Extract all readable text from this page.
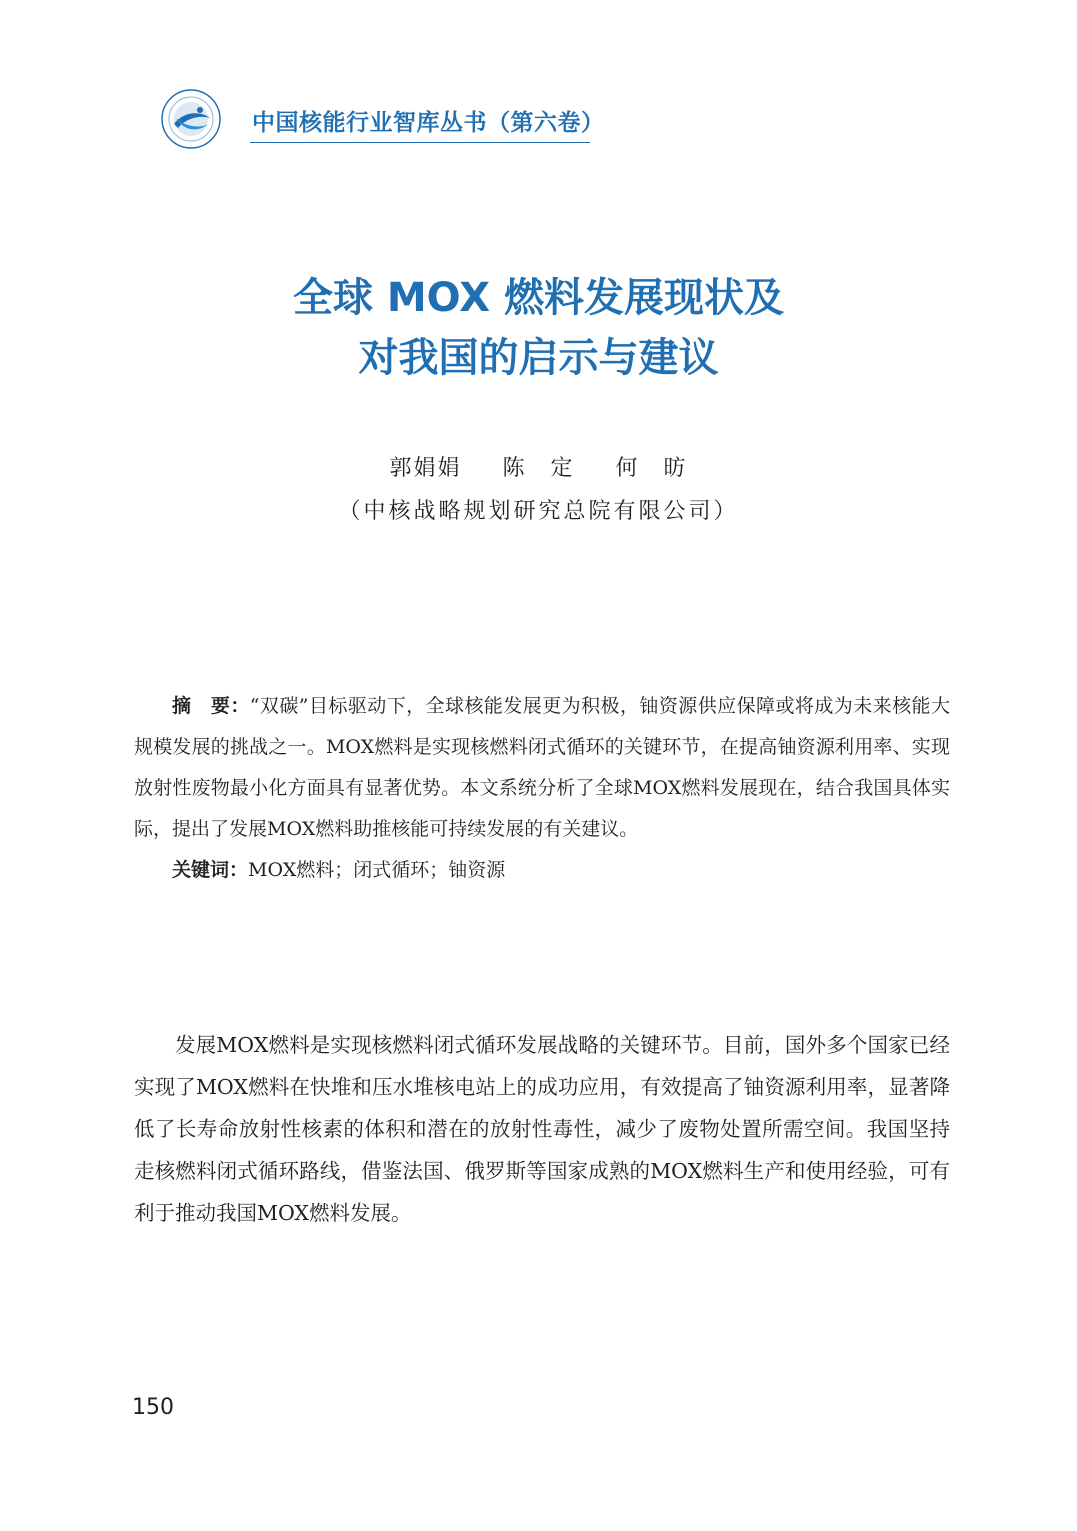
中国核能行业智库丛书（第六卷）
全球 MOX 燃料发展现状及
对我国的启示与建议
郭娟娟 陈　定 何　昉
（中核战略规划研究总院有限公司）

摘　要：“双碳”目标驱动下，全球核能发展更为积极，铀资源供应保障或将成为未来核能大规模发展的挑战之一。MOX燃料是实现核燃料闭式循环的关键环节，在提高铀资源利用率、实现放射性废物最小化方面具有显著优势。本文系统分析了全球MOX燃料发展现在，结合我国具体实际，提出了发展MOX燃料助推核能可持续发展的有关建议。

关键词：MOX燃料；闭式循环；铀资源

发展MOX燃料是实现核燃料闭式循环发展战略的关键环节。目前，国外多个国家已经实现了MOX燃料在快堆和压水堆核电站上的成功应用，有效提高了铀资源利用率，显著降低了长寿命放射性核素的体积和潜在的放射性毒性，减少了废物处置所需空间。我国坚持走核燃料闭式循环路线，借鉴法国、俄罗斯等国家成熟的MOX燃料生产和使用经验，可有利于推动我国MOX燃料发展。

150
